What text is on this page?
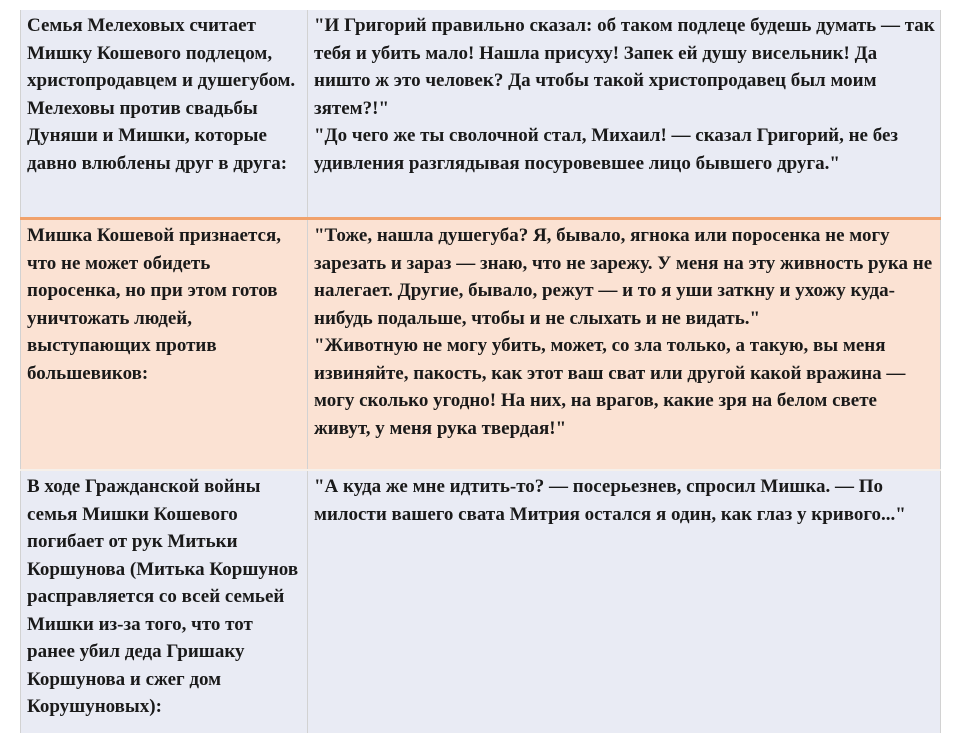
Семья Мелеховых считает Мишку Кошевого подлецом, христопродавцем и душегубом. Мелеховы против свадьбы Дуняши и Мишки, которые давно влюблены друг в друга:	"И Григорий правильно сказал: об таком подлеце будешь думать — так тебя и убить мало! Нашла присуху! Запек ей душу висельник! Да ништо ж это человек? Да чтобы такой христопродавец был моим зятем?!"
"До чего же ты сволочной стал, Михаил! — сказал Григорий, не без удивления разглядывая посуровевшее лицо бывшего друга."

Мишка Кошевой признается, что не может обидеть поросенка, но при этом готов уничтожать людей, выступающих против большевиков:	"Тоже, нашла душегуба? Я, бывало, ягнока или поросенка не могу зарезать и зараз — знаю, что не зарежу. У меня на эту живность рука не налегает. Другие, бывало, режут — и то я уши заткну и ухожу куда-нибудь подальше, чтобы и не слыхать и не видать."
"Животную не могу убить, может, со зла только, а такую, вы меня извиняйте, пакость, как этот ваш сват или другой какой вражина — могу сколько угодно! На них, на врагов, какие зря на белом свете живут, у меня рука твердая!"

В ходе Гражданской войны семья Мишки Кошевого погибает от рук Митьки Коршунова (Митька Коршунов расправляется со всей семьей Мишки из-за того, что тот ранее убил деда Гришаку Коршунова и сжег дом Корушуновых):	"А куда же мне идтить-то? — посерьезнев, спросил Мишка. — По милости вашего свата Митрия остался я один, как глаз у кривого..."
